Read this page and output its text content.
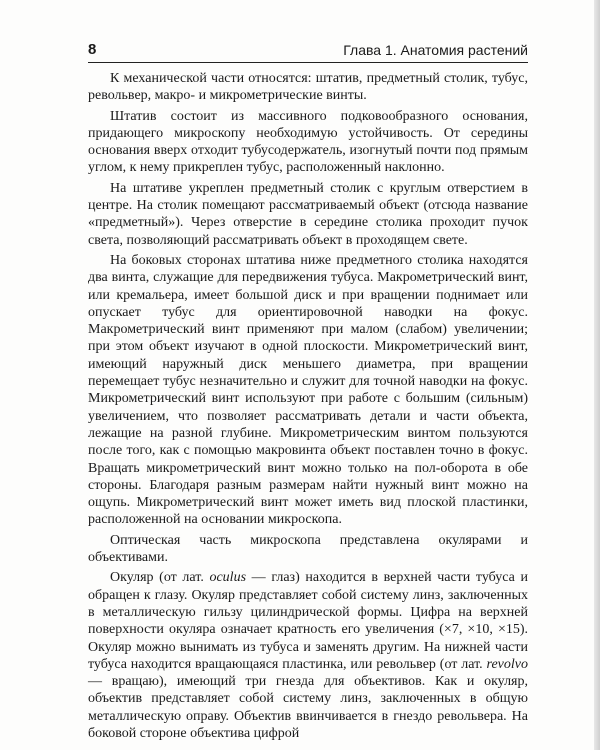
8	Глава 1. Анатомия растений

К механической части относятся: штатив, предметный столик, тубус, револьвер, макро- и микрометрические винты.

Штатив состоит из массивного подковообразного основания, придающего микроскопу необходимую устойчивость. От середины основания вверх отходит тубусодержатель, изогнутый почти под прямым углом, к нему прикреплен тубус, расположенный наклонно.

На штативе укреплен предметный столик с круглым отверстием в центре. На столик помещают рассматриваемый объект (отсюда название «предметный»). Через отверстие в середине столика проходит пучок света, позволяющий рассматривать объект в проходящем свете.

На боковых сторонах штатива ниже предметного столика находятся два винта, служащие для передвижения тубуса. Макрометрический винт, или кремальера, имеет большой диск и при вращении поднимает или опускает тубус для ориентировочной наводки на фокус. Макрометрический винт применяют при малом (слабом) увеличении; при этом объект изучают в одной плоскости. Микрометрический винт, имеющий наружный диск меньшего диаметра, при вращении перемещает тубус незначительно и служит для точной наводки на фокус. Микрометрический винт используют при работе с большим (сильным) увеличением, что позволяет рассматривать детали и части объекта, лежащие на разной глубине. Микрометрическим винтом пользуются после того, как с помощью макровинта объект поставлен точно в фокус. Вращать микрометрический винт можно только на пол-оборота в обе стороны. Благодаря разным размерам найти нужный винт можно на ощупь. Микрометрический винт может иметь вид плоской пластинки, расположенной на основании микроскопа.

Оптическая часть микроскопа представлена окулярами и объективами.

Окуляр (от лат. oculus — глаз) находится в верхней части тубуса и обращен к глазу. Окуляр представляет собой систему линз, заключенных в металлическую гильзу цилиндрической формы. Цифра на верхней поверхности окуляра означает кратность его увеличения (×7, ×10, ×15). Окуляр можно вынимать из тубуса и заменять другим. На нижней части тубуса находится вращающаяся пластинка, или револьвер (от лат. revolvo — вращаю), имеющий три гнезда для объективов. Как и окуляр, объектив представляет собой систему линз, заключенных в общую металлическую оправу. Объектив ввинчивается в гнездо револьвера. На боковой стороне объектива цифрой
